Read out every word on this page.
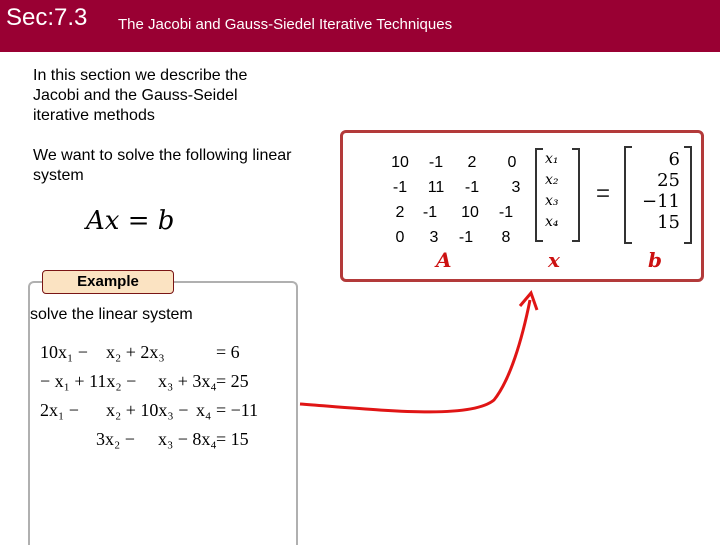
Sec:7.3 The Jacobi and Gauss-Siedel Iterative Techniques
In this section we describe the Jacobi and the Gauss-Seidel iterative methods
We want to solve the following linear system
Ax = b
Example
solve the linear system
10x₁ − x₂ + 2x₃	= 6
− x₁ + 11x₂ − x₃ + 3x₄ = 25
2x₁ − x₂ + 10x₃ − x₄ = −11
3x₂ − x₃ − 8x₄ = 15
10	-1	2	0
-1	11	-1	3
2	-1	10	-1
0	3	-1	8
x₁
x₂
x₃
x₄
=
6
25
−11
15
A	x	b
